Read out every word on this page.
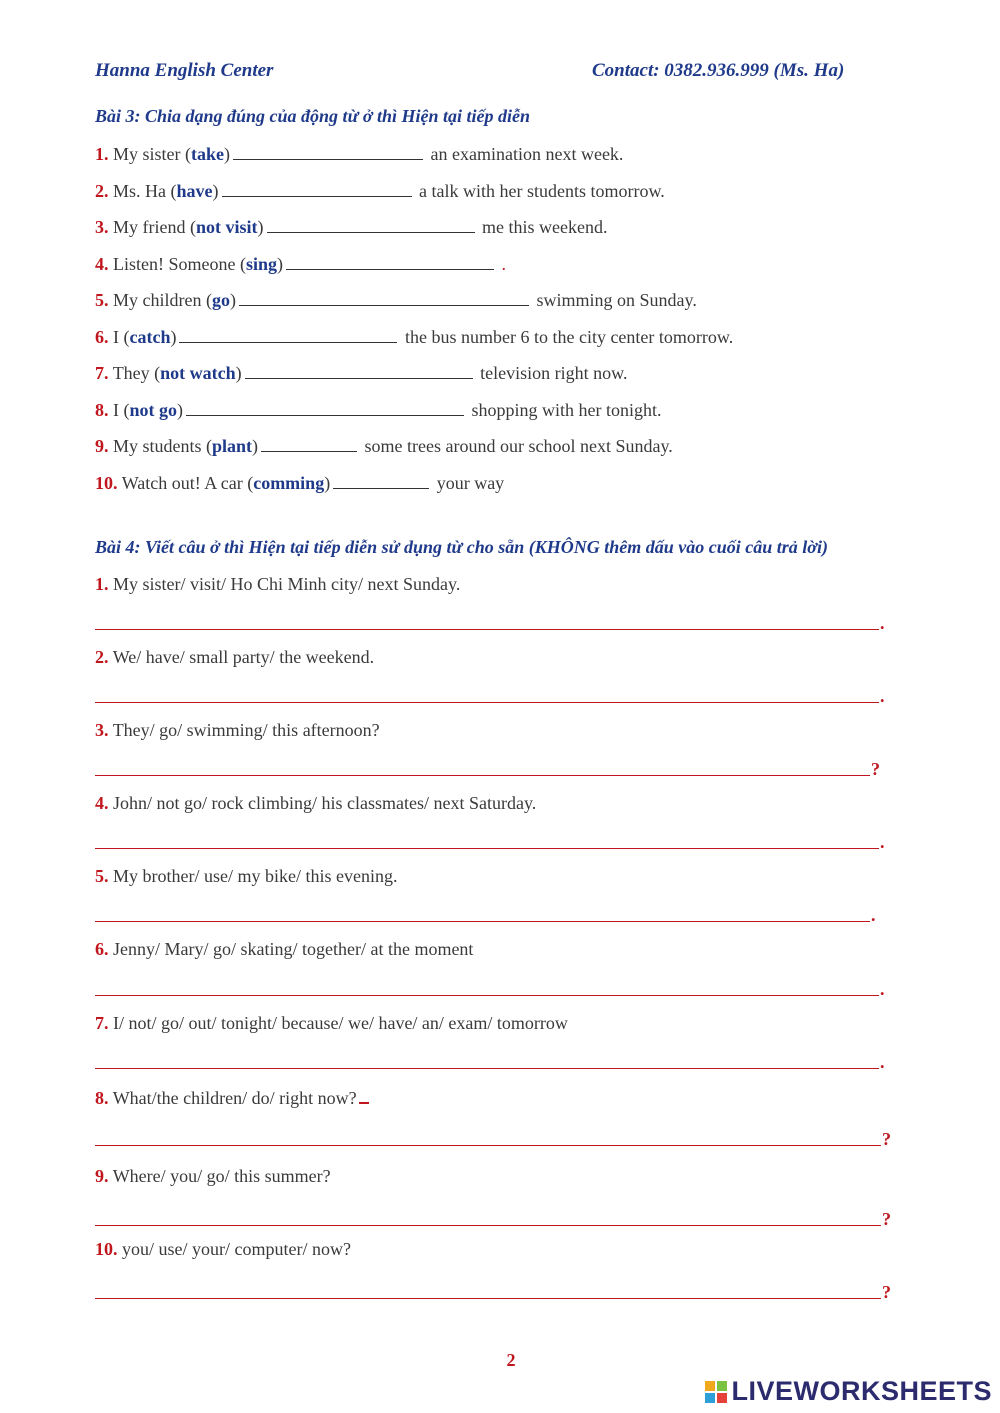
Hanna English Center	Contact: 0382.936.999 (Ms. Ha)
Bài 3: Chia dạng đúng của động từ ở thì Hiện tại tiếp diễn
1. My sister (take)	an examination next week.
2. Ms. Ha (have)	a talk with her students tomorrow.
3. My friend (not visit)	me this weekend.
4. Listen! Someone (sing)	.
5. My children (go)	swimming on Sunday.
6. I (catch)	the bus number 6 to the city center tomorrow.
7. They (not watch)	television right now.
8. I (not go)	shopping with her tonight.
9. My students (plant)	some trees around our school next Sunday.
10. Watch out! A car (comming)	your way
Bài 4: Viết câu ở thì Hiện tại tiếp diễn sử dụng từ cho sẵn (KHÔNG thêm dấu vào cuối câu trả lời)
1. My sister/ visit/ Ho Chi Minh city/ next Sunday.
.
2. We/ have/ small party/ the weekend.
.
3. They/ go/ swimming/ this afternoon?
?
4. John/ not go/ rock climbing/ his classmates/ next Saturday.
.
5. My brother/ use/ my bike/ this evening.
.
6. Jenny/ Mary/ go/ skating/ together/ at the moment
.
7. I/ not/ go/ out/ tonight/ because/ we/ have/ an/ exam/ tomorrow
.
8. What/the children/ do/ right now?
?
9. Where/ you/ go/ this summer?
?
10. you/ use/ your/ computer/ now?
?
2
LIVEWORKSHEETS
